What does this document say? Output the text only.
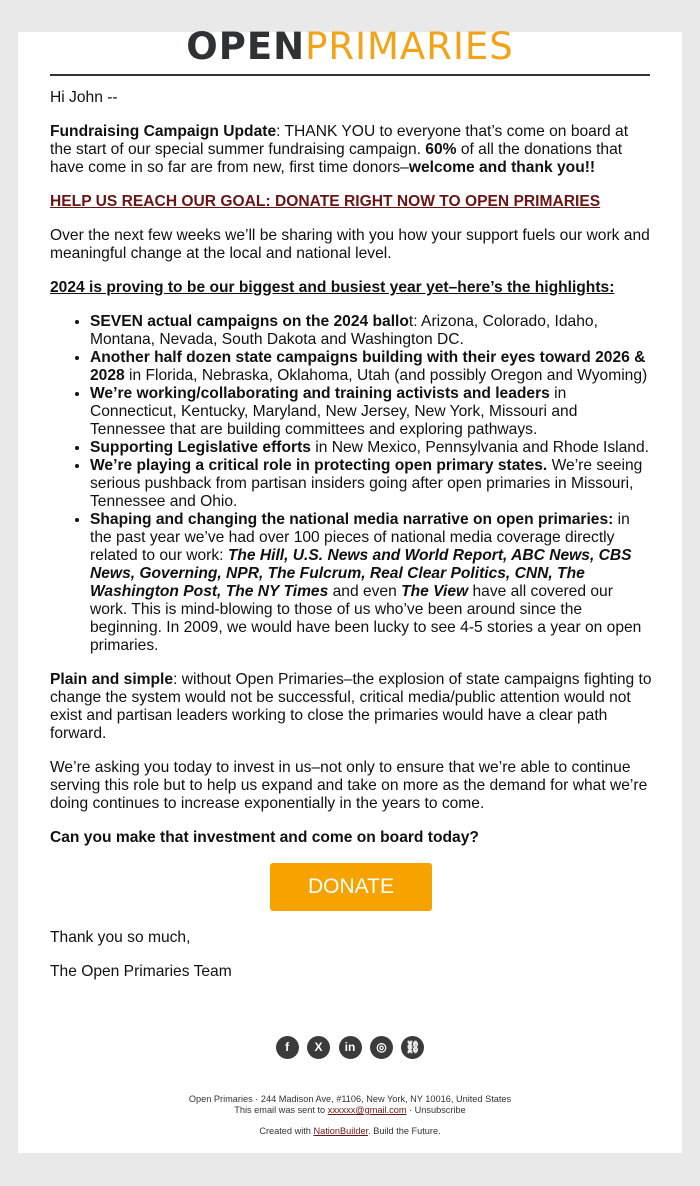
OPENPRIMARIES

Hi John --

Fundraising Campaign Update: THANK YOU to everyone that’s come on board at the start of our special summer fundraising campaign. 60% of all the donations that have come in so far are from new, first time donors–welcome and thank you!!

HELP US REACH OUR GOAL: DONATE RIGHT NOW TO OPEN PRIMARIES

Over the next few weeks we’ll be sharing with you how your support fuels our work and meaningful change at the local and national level.

2024 is proving to be our biggest and busiest year yet–here’s the highlights:

• SEVEN actual campaigns on the 2024 ballot: Arizona, Colorado, Idaho, Montana, Nevada, South Dakota and Washington DC.
• Another half dozen state campaigns building with their eyes toward 2026 & 2028 in Florida, Nebraska, Oklahoma, Utah (and possibly Oregon and Wyoming)
• We’re working/collaborating and training activists and leaders in Connecticut, Kentucky, Maryland, New Jersey, New York, Missouri and Tennessee that are building committees and exploring pathways.
• Supporting Legislative efforts in New Mexico, Pennsylvania and Rhode Island.
• We’re playing a critical role in protecting open primary states. We’re seeing serious pushback from partisan insiders going after open primaries in Missouri, Tennessee and Ohio.
• Shaping and changing the national media narrative on open primaries: in the past year we’ve had over 100 pieces of national media coverage directly related to our work: The Hill, U.S. News and World Report, ABC News, CBS News, Governing, NPR, The Fulcrum, Real Clear Politics, CNN, The Washington Post, The NY Times and even The View have all covered our work. This is mind-blowing to those of us who’ve been around since the beginning. In 2009, we would have been lucky to see 4-5 stories a year on open primaries.

Plain and simple: without Open Primaries–the explosion of state campaigns fighting to change the system would not be successful, critical media/public attention would not exist and partisan leaders working to close the primaries would have a clear path forward.

We’re asking you today to invest in us–not only to ensure that we’re able to continue serving this role but to help us expand and take on more as the demand for what we’re doing continues to increase exponentially in the years to come.

Can you make that investment and come on board today?

DONATE

Thank you so much,

The Open Primaries Team

f X in ◎ ⛓
Open Primaries · 244 Madison Ave, #1106, New York, NY 10016, United States
This email was sent to xxxxxx@gmail.com · Unsubscribe
Created with NationBuilder. Build the Future.
